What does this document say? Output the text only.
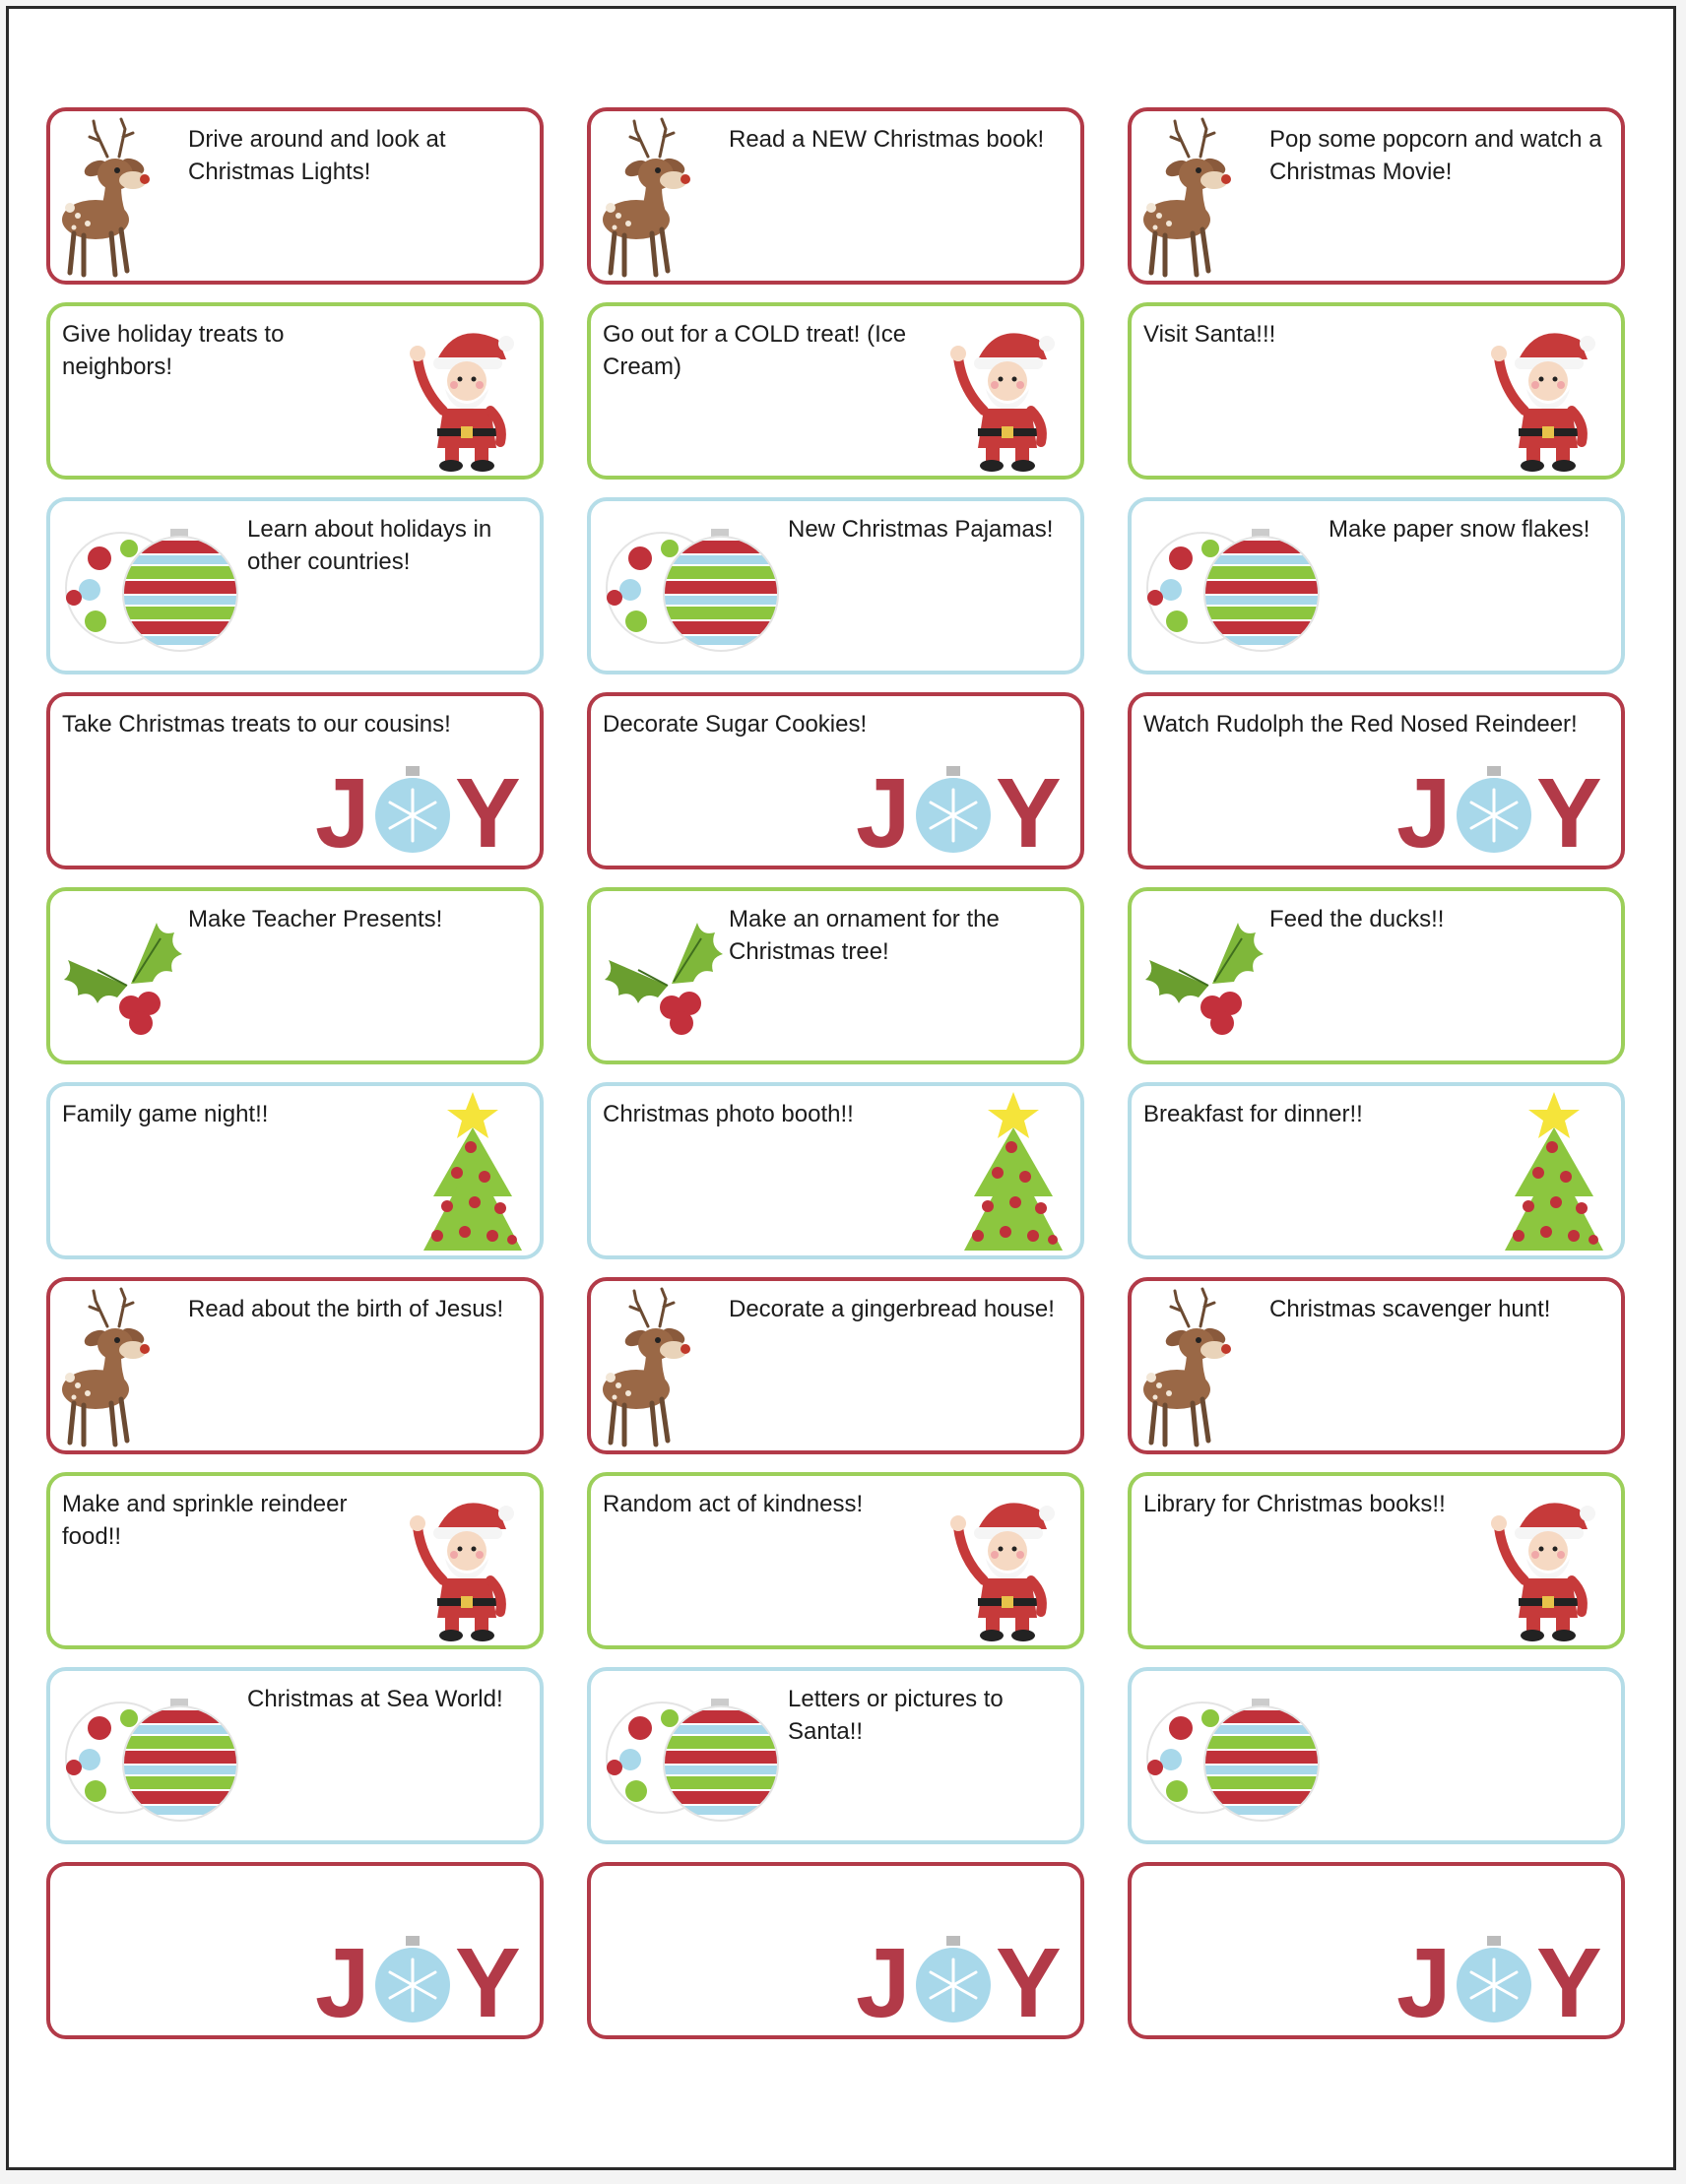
Drive around and look at Christmas Lights!
Read a NEW Christmas book!	Pop some popcorn and watch a Christmas Movie!
Give holiday treats to neighbors!
Go out for a COLD treat! (Ice Cream)
Visit Santa!!!
Learn about holidays in other countries!
New Christmas Pajamas!	Make paper snow flakes!
J Y
Take Christmas treats to our cousins!
J Y
Decorate Sugar Cookies!
J Y
Watch Rudolph the Red Nosed Reindeer!
Make Teacher Presents!	Make an ornament for the Christmas tree!
Feed the ducks!!
Family game night!!	Christmas photo booth!!	Breakfast for dinner!!
Read about the birth of Jesus!	Decorate a gingerbread house!	Christmas scavenger hunt!
Make and sprinkle reindeer food!!
Random act of kindness!	Library for Christmas books!!
Christmas at Sea World!	Letters or pictures to Santa!!
J Y	J Y	J Y
